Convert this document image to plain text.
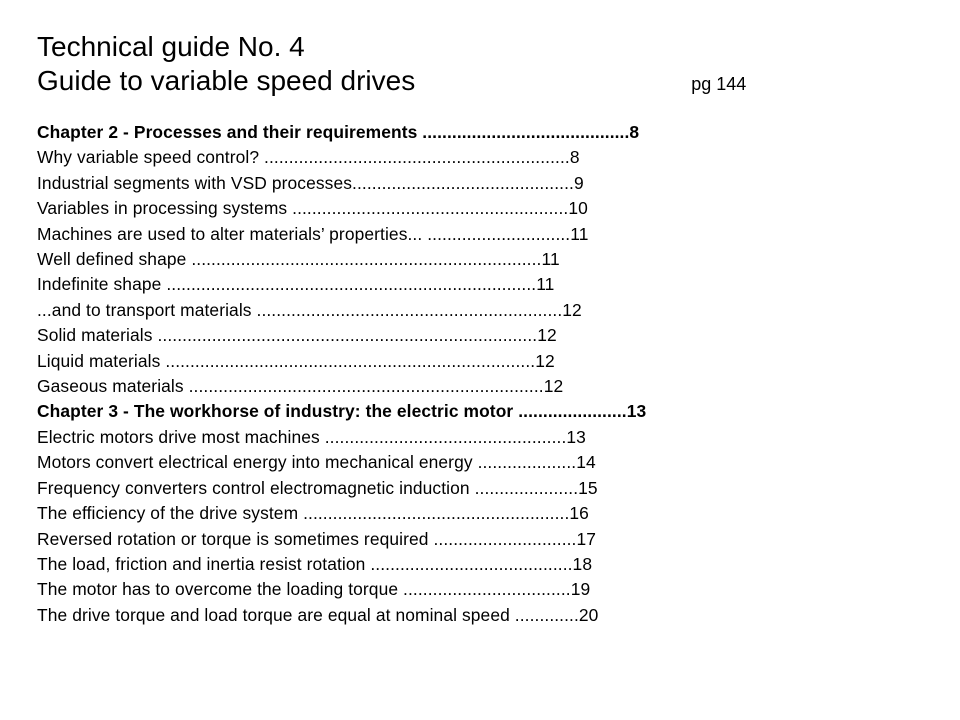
Technical guide No. 4
Guide to variable speed drives	pg 144
Chapter 2 - Processes and their requirements ..........................................8
Why variable speed control? ..............................................................8
Industrial segments with VSD processes.............................................9
Variables in processing systems ........................................................10
Machines are used to alter materials’ properties... .............................11
Well defined shape .......................................................................11
Indefinite shape ...........................................................................11
...and to transport materials ..............................................................12
Solid materials .............................................................................12
Liquid materials ...........................................................................12
Gaseous materials ........................................................................12
Chapter 3 - The workhorse of industry: the electric motor ......................13
Electric motors drive most machines .................................................13
Motors convert electrical energy into mechanical energy ....................14
Frequency converters control electromagnetic induction .....................15
The efficiency of the drive system ......................................................16
Reversed rotation or torque is sometimes required .............................17
The load, friction and inertia resist rotation .........................................18
The motor has to overcome the loading torque ..................................19
The drive torque and load torque are equal at nominal speed .............20
